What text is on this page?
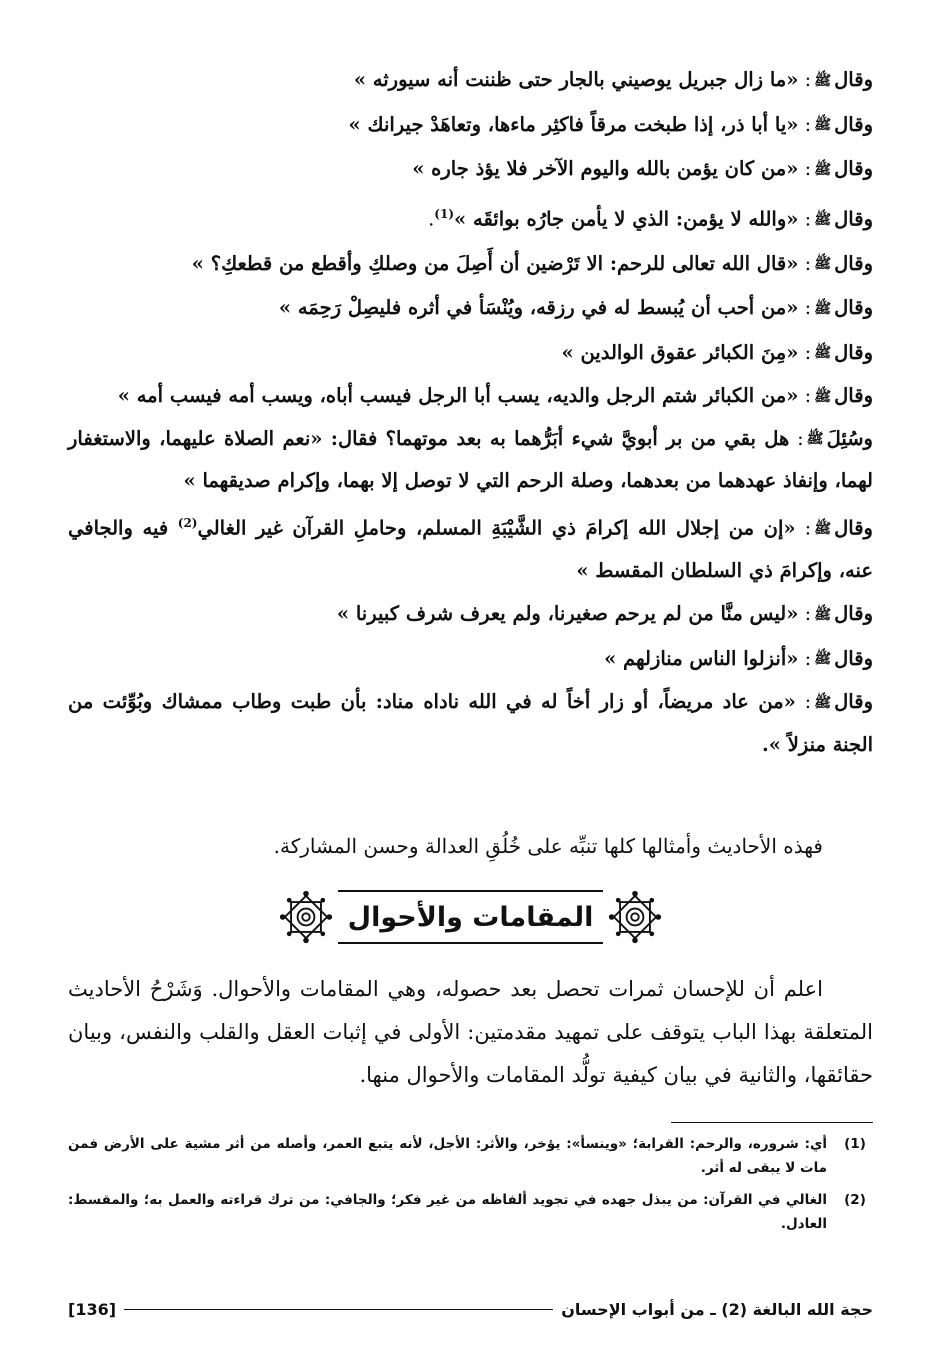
وقالﷺ: «ما زال جبريل يوصيني بالجار حتى ظننت أنه سيورثه »
وقالﷺ: «يا أبا ذر، إذا طبخت مرقاً فاكثِر ماءها، وتعاهَدْ جيرانك »
وقالﷺ: «من كان يؤمن بالله واليوم الآخر فلا يؤذ جاره »
وقالﷺ: «والله لا يؤمن: الذي لا يأمن جارُه بوائقَه »$^{(1)}$.
وقالﷺ: «قال الله تعالى للرحم: الا تَرْضين أن أَصِلَ من وصلكِ وأقطع من قطعكِ؟ »
وقالﷺ: «من أحب أن يُبسط له في رزقه، ويُنْسَأ في أثره فليصِلْ رَحِمَه »
وقالﷺ: «مِنَ الكبائر عقوق الوالدين »
وقالﷺ: «من الكبائر شتم الرجل والديه، يسب أبا الرجل فيسب أباه، ويسب أمه فيسب أمه »
وسُئِلَﷺ: هل بقي من بر أبويَّ شيء أبَرُّهما به بعد موتهما؟ فقال: «نعم الصلاة عليهما، والاستغفار لهما، وإنفاذ عهدهما من بعدهما، وصلة الرحم التي لا توصل إلا بهما، وإكرام صديقهما »
وقالﷺ: «إن من إجلال الله إكرامَ ذي الشَّيْبَةِ المسلم، وحاملِ القرآن غير الغالي$^{(2)}$ فيه والجافي عنه، وإكرامَ ذي السلطان المقسط »
وقالﷺ: «ليس منَّا من لم يرحم صغيرنا، ولم يعرف شرف كبيرنا »
وقالﷺ: «أنزلوا الناس منازلهم »
وقالﷺ: «من عاد مريضاً، أو زار أخاً له في الله ناداه مناد: بأن طبت وطاب ممشاك وبُوِّئت من الجنة منزلاً ».

فهذه الأحاديث وأمثالها كلها تنبِّه على خُلُقِ العدالة وحسن المشاركة.

المقامات والأحوال

اعلم أن للإحسان ثمرات تحصل بعد حصوله، وهي المقامات والأحوال. وَشَرْحُ الأحاديث المتعلقة بهذا الباب يتوقف على تمهيد مقدمتين: الأولى في إثبات العقل والقلب والنفس، وبيان حقائقها، والثانية في بيان كيفية تولُّد المقامات والأحوال منها.

(1)
أي: شروره، والرحم: القرابة؛ «وينسأ»: يؤخر، والأثر: الأجل، لأنه يتبع العمر، وأصله من أثر مشية على الأرض فمن مات لا يبقى له أثر.
(2)
الغالي في القرآن: من يبذل جهده في تجويد ألفاظه من غير فكر؛ والجافي: من ترك قراءته والعمل به؛ والمقسط: العادل.
حجة الله البالغة (2) ـ من أبواب الإحسان
[136]
